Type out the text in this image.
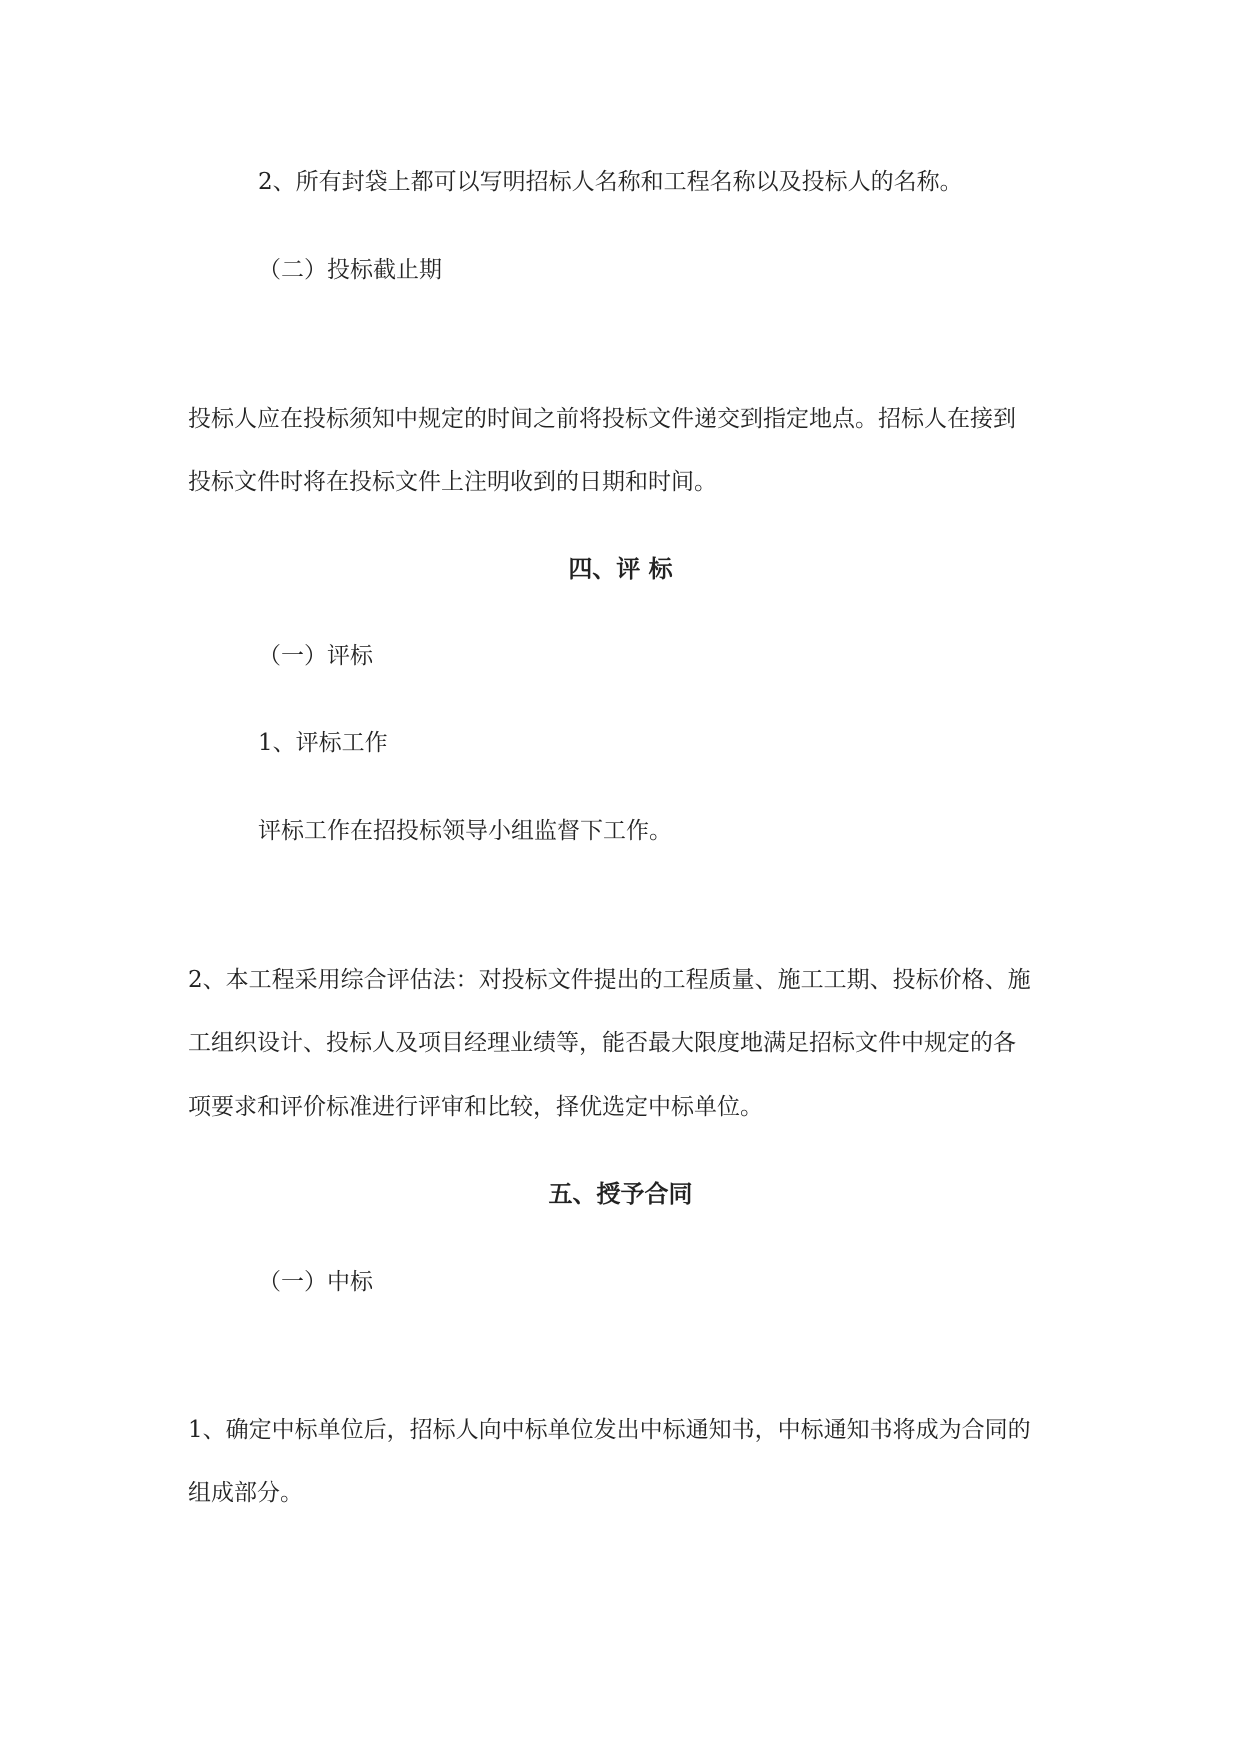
2、所有封袋上都可以写明招标人名称和工程名称以及投标人的名称。
（二）投标截止期
投标人应在投标须知中规定的时间之前将投标文件递交到指定地点。招标人在接到
投标文件时将在投标文件上注明收到的日期和时间。
四、评 标
（一）评标
1、评标工作
评标工作在招投标领导小组监督下工作。
2、本工程采用综合评估法：对投标文件提出的工程质量、施工工期、投标价格、施
工组织设计、投标人及项目经理业绩等，能否最大限度地满足招标文件中规定的各
项要求和评价标准进行评审和比较，择优选定中标单位。
五、授予合同
（一）中标
1、确定中标单位后，招标人向中标单位发出中标通知书，中标通知书将成为合同的
组成部分。
